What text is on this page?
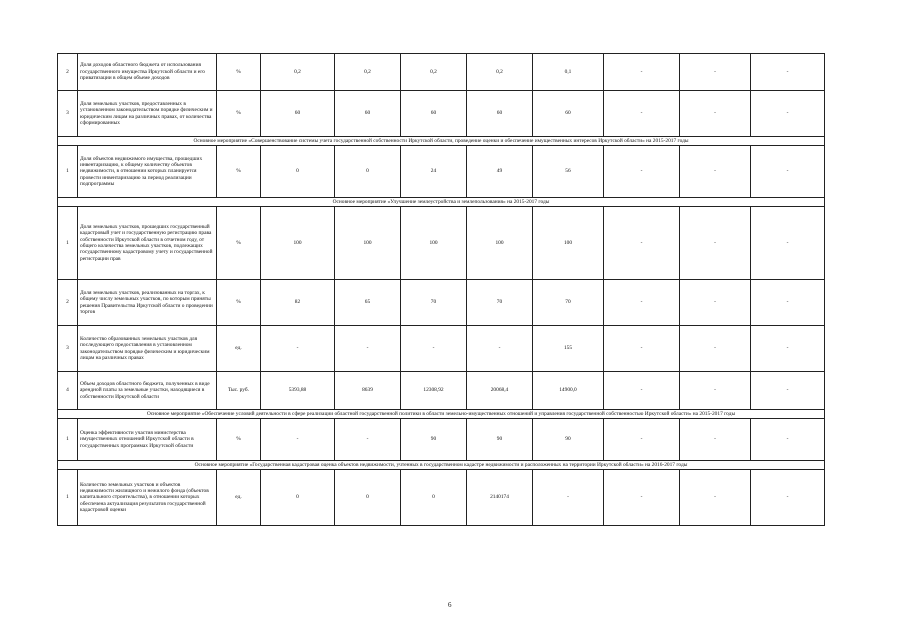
2	Доля доходов областного бюджета от использования государственного имущества Иркутской области и его приватизации в общем объеме доходов	%	0,2	0,2	0,2	0,2	0,1	-	-	-
3	Доля земельных участков, предоставленных в установленном законодательством порядке физическим и юридическим лицам на различных правах, от количества сформированных	%	60	60	60	60	60	-	-	-
Основное мероприятие «Совершенствование системы учета государственной собственности Иркутской области, проведение оценки и обеспечение имущественных интересов Иркутской области» на 2015-2017 годы										
1	Доля объектов недвижимого имущества, прошедших инвентаризацию, к общему количеству объектов недвижимости, в отношении которых планируется провести инвентаризацию за период реализации подпрограммы	%	0	0	24	49	56	-	-	-
Основное мероприятие «Улучшение землеустройства и землепользования» на 2015-2017 годы										
1	Доля земельных участков, прошедших государственный кадастровый учет и государственную регистрацию права собственности Иркутской области в отчетном году, от общего количества земельных участков, подлежащих государственному кадастровому учету и государственной регистрации прав	%	100	100	100	100	100	-	-	-
2	Доля земельных участков, реализованных на торгах, к общему числу земельных участков, по которым приняты решения Правительства Иркутской области о проведении торгов	%	82	65	70	70	70	-	-	-
3	Количество образованных земельных участков для последующего предоставления в установленном законодательством порядке физическим и юридическим лицам на различных правах	ед.	-	-	-	-	155	-	-	-
4	Объем доходов областного бюджета, полученных в виде арендной платы за земельные участки, находящиеся в собственности Иркутской области	Тыс. руб.	5393,88	8639	12308,92	20068,4	14900,0	-	-	-
Основное мероприятие «Обеспечение условий деятельности в сфере реализации областной государственной политики в области земельно-имущественных отношений и управления государственной собственностью Иркутской области» на 2015-2017 годы										
1	Оценка эффективности участия министерства имущественных отношений Иркутской области в государственных программах Иркутской области	%	-	-	90	90	90	-	-	-
Основное мероприятие «Государственная кадастровая оценка объектов недвижимости, учтенных в государственном кадастре недвижимости и расположенных на территории Иркутской области» на 2016-2017 годы										
1	Количество земельных участков и объектов недвижимости жилищного и нежилого фонда (объектов капитального строительства), в отношении которых обеспечена актуализация результатов государственной кадастровой оценки	ед.	0	0	0	2140174	-	-	-	-
6
